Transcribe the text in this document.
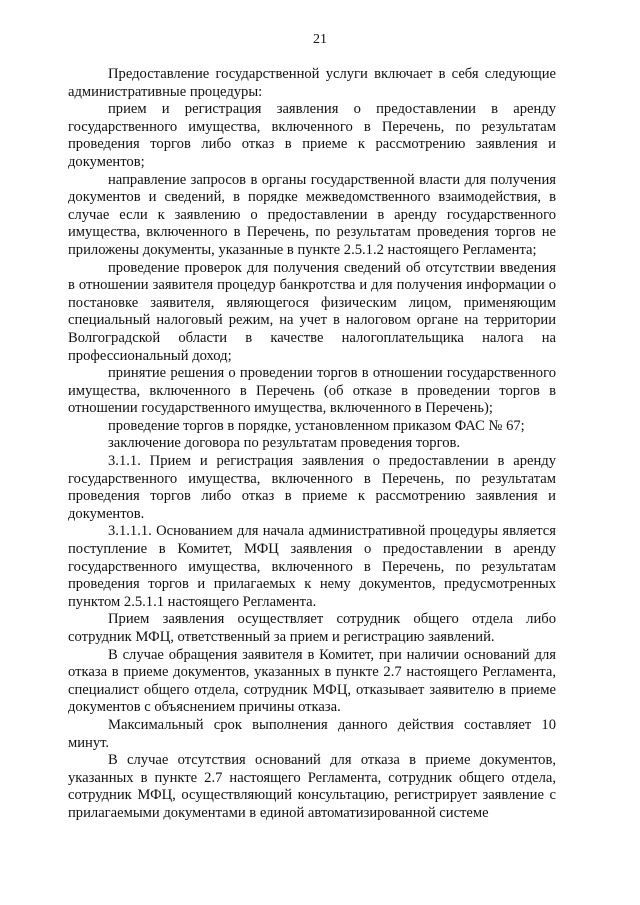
21

Предоставление государственной услуги включает в себя следующие административные процедуры:

прием и регистрация заявления о предоставлении в аренду государственного имущества, включенного в Перечень, по результатам проведения торгов либо отказ в приеме к рассмотрению заявления и документов;

направление запросов в органы государственной власти для получения документов и сведений, в порядке межведомственного взаимодействия, в случае если к заявлению о предоставлении в аренду государственного имущества, включенного в Перечень, по результатам проведения торгов не приложены документы, указанные в пункте 2.5.1.2 настоящего Регламента;

проведение проверок для получения сведений об отсутствии введения в отношении заявителя процедур банкротства и для получения информации о постановке заявителя, являющегося физическим лицом, применяющим специальный налоговый режим, на учет в налоговом органе на территории Волгоградской области в качестве налогоплательщика налога на профессиональный доход;

принятие решения о проведении торгов в отношении государственного имущества, включенного в Перечень (об отказе в проведении торгов в отношении государственного имущества, включенного в Перечень);

проведение торгов в порядке, установленном приказом ФАС № 67;

заключение договора по результатам проведения торгов.

3.1.1. Прием и регистрация заявления о предоставлении в аренду государственного имущества, включенного в Перечень, по результатам проведения торгов либо отказ в приеме к рассмотрению заявления и документов.

3.1.1.1. Основанием для начала административной процедуры является поступление в Комитет, МФЦ заявления о предоставлении в аренду государственного имущества, включенного в Перечень, по результатам проведения торгов и прилагаемых к нему документов, предусмотренных пунктом 2.5.1.1 настоящего Регламента.

Прием заявления осуществляет сотрудник общего отдела либо сотрудник МФЦ, ответственный за прием и регистрацию заявлений.

В случае обращения заявителя в Комитет, при наличии оснований для отказа в приеме документов, указанных в пункте 2.7 настоящего Регламента, специалист общего отдела, сотрудник МФЦ, отказывает заявителю в приеме документов с объяснением причины отказа.

Максимальный срок выполнения данного действия составляет 10 минут.

В случае отсутствия оснований для отказа в приеме документов, указанных в пункте 2.7 настоящего Регламента, сотрудник общего отдела, сотрудник МФЦ, осуществляющий консультацию, регистрирует заявление с прилагаемыми документами в единой автоматизированной системе
